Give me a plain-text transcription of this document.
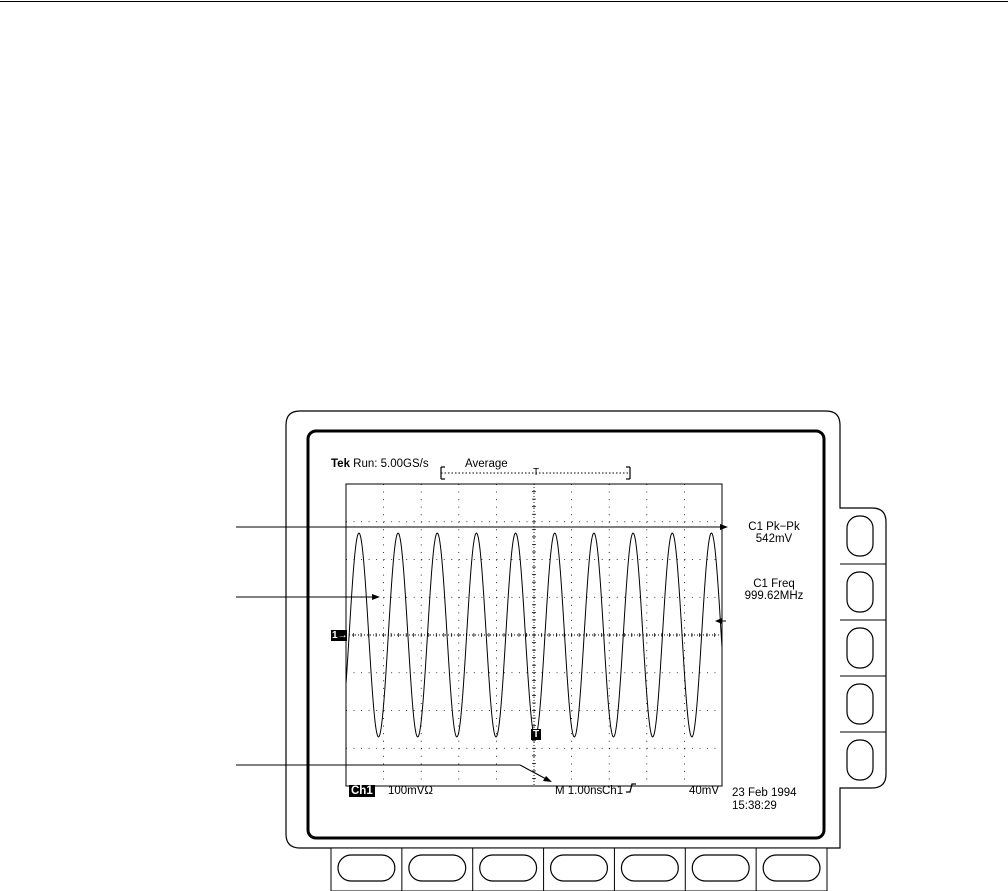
Tek Run: 5.00GS/s	Average
T
C1 Pk−Pk
542mV
C1 Freq
999.62MHz
1→
T
Ch1 100mVΩ	M 1.00ns Ch1	40mV 23 Feb 1994
15:38:29
